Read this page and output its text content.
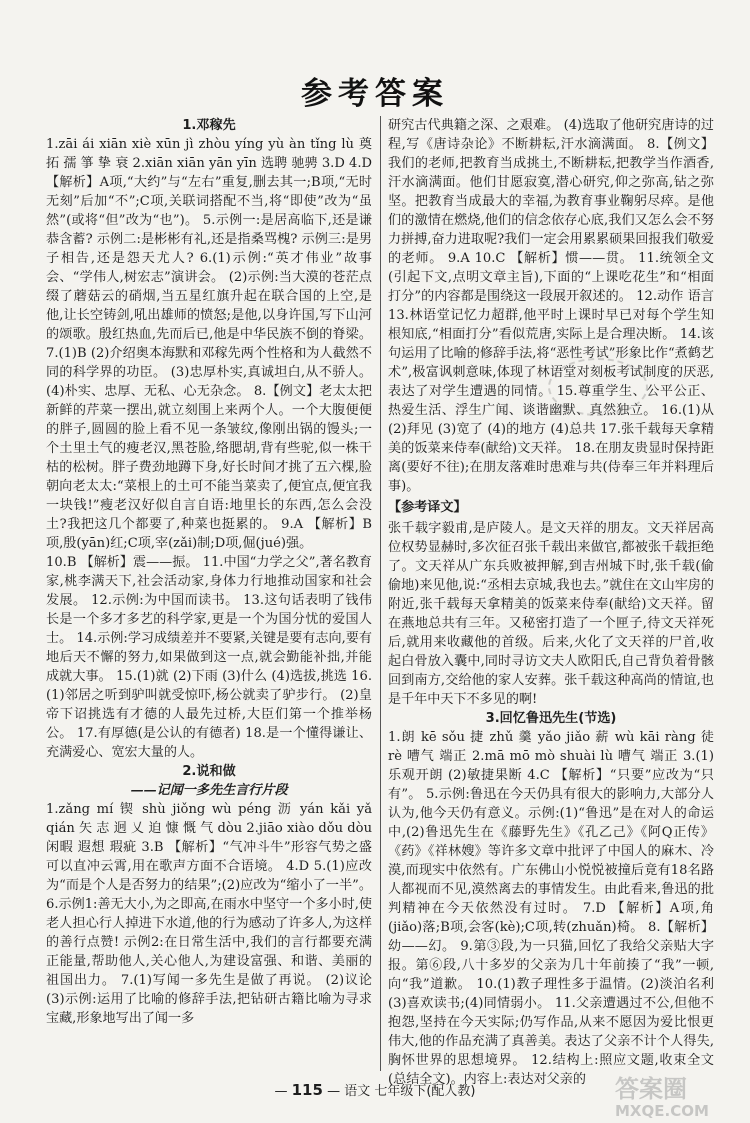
参考答案

1.邓稼先

1.zāi ái xiān xiè xūn jì zhòu yíng yù àn tǐng lù 奠 拓 孺 箏 挚 衰 2.xiān xiān yān yīn 选聘 驰骋 3.D 4.D 【解析】A项,“大约”与“左右”重复,删去其一;B项,“无时无刻”后加“不”;C项,关联词搭配不当,将“即使”改为“虽然”(或将“但”改为“也”)。 5.示例一:是居高临下,还是谦恭含蓄? 示例二:是彬彬有礼,还是指桑骂槐? 示例三:是男子相告,还是怨天尤人? 6.(1)示例:“英才伟业”故事会、“学伟人,树宏志”演讲会。 (2)示例:当大漠的苍茫点缀了蘑菇云的硝烟,当五星红旗升起在联合国的上空,是他,让长空铸剑,吼出雄师的愤怒;是他,以身许国,写下山河的颂歌。殷红热血,先而后已,他是中华民族不倒的脊梁。 7.(1)B (2)介绍奥本海默和邓稼先两个性格和为人截然不同的科学界的功臣。 (3)忠厚朴实,真诚坦白,从不骄人。 (4)朴实、忠厚、无私、心无杂念。 8.【例文】老太太把新鲜的芹菜一摆出,就立刻围上来两个人。一个大腹便便的胖子,圆圆的脸上看不见一条皱纹,像刚出锅的馒头;一个土里土气的瘦老汉,黑苍脸,络腮胡,背有些驼,似一株干枯的松树。胖子费劲地蹲下身,好长时间才挑了五六棵,脸朝向老太太:“菜根上的土可不能当菜卖了,便宜点,便宜我一块钱!”瘦老汉好似自言自语:地里长的东西,怎么会没土?我把这几个都要了,种菜也挺累的。 9.A 【解析】B项,殷(yān)红;C项,宰(zǎi)制;D项,倔(jué)强。

10.B 【解析】震——振。 11.中国“力学之父”,著名教育家,桃李满天下,社会活动家,身体力行地推动国家和社会发展。 12.示例:为中国而读书。 13.这句话表明了钱伟长是一个多才多艺的科学家,更是一个为国分忧的爱国人士。 14.示例:学习成绩差并不要紧,关键是要有志向,要有地后天不懈的努力,如果做到这一点,就会勤能补拙,并能成就大事。 15.(1)就 (2)下雨 (3)什么 (4)选拔,挑选 16.(1)邻居之听到驴叫就受惊吓,杨公就卖了驴步行。 (2)皇帝下诏挑选有才德的人最先过桥,大臣们第一个推举杨公。 17.有厚德(是公认的有德者) 18.是一个懂得谦让、充满爱心、宽宏大量的人。

2.说和做

——记闻一多先生言行片段

1.zǎng mí 锲 shù jiǒng wù péng 沥 yán kǎi yǎ qián 矢 志 迥 乂 迫 慷 慨 气 dòu 2.jiāo xiào dǒu dòu 闲暇 遐想 瑕疵 3.B 【解析】“气冲斗牛”形容气势之盛可以直冲云霄,用在歌声方面不合语境。 4.D 5.(1)应改为“而是个人是否努力的结果”;(2)应改为“缩小了一半”。 6.示例1:善无大小,为之即高,在雨水中坚守一个多小时,使老人担心行人掉进下水道,他的行为感动了许多人,为这样的善行点赞! 示例2:在日常生活中,我们的言行都要充满正能量,帮助他人,关心他人,为建设富强、和谐、美丽的祖国出力。 7.(1)写闻一多先生是做了再说。 (2)议论 (3)示例:运用了比喻的修辞手法,把钻研古籍比喻为寻求宝藏,形象地写出了闻一多

研究古代典籍之深、之艰难。 (4)选取了他研究唐诗的过程,写《唐诗杂论》不断耕耘,汗水滴满面。 8.【例文】我们的老师,把教育当成挑土,不断耕耘,把教学当作酒香,汗水滴满面。他们甘愿寂寞,潜心研究,仰之弥高,钻之弥坚。把教育当成最大的幸福,为教育事业鞠躬尽瘁。是他们的激情在燃烧,他们的信念依存心底,我们又怎么会不努力拼搏,奋力进取呢?我们一定会用累累硕果回报我们敬爱的老师。 9.A 10.C 【解析】惯——贯。 11.统领全文(引起下文,点明文章主旨),下面的“上课吃花生”和“相面打分”的内容都是围绕这一段展开叙述的。 12.动作 语言 13.林语堂记忆力超群,他平时上课时早已对每个学生知根知底,“相面打分”看似荒唐,实际上是合理决断。 14.该句运用了比喻的修辞手法,将“恶性考试”形象比作“煮鹤艺术”,极富讽刺意味,体现了林语堂对刻板考试制度的厌恶,表达了对学生遭遇的同情。 15.尊重学生、公平公正、热爱生活、浮生广闻、谈谐幽默、真然独立。 16.(1)从 (2)拜见 (3)宽了 (4)的地方 (4)总共 17.张千载每天拿精美的饭菜来侍奉(献给)文天祥。 18.在朋友贵显时保持距离(要好不往);在朋友落难时患难与共(侍奉三年并料理后事)。

【参考译文】

张千载字毅甫,是庐陵人。是文天祥的朋友。文天祥居高位权势显赫时,多次征召张千载出来做官,都被张千载拒绝了。文天祥从广东兵败被押解,到吉州城下时,张千载(偷偷地)来见他,说:“丞相去京城,我也去。”就住在文山牢房的附近,张千载每天拿精美的饭菜来侍奉(献给)文天祥。留在燕地总共有三年。又秘密打造了一个匣子,待文天祥死后,就用来收藏他的首级。后来,火化了文天祥的尸首,收起白骨放入囊中,同时寻访文夫人欧阳氏,自己背负着骨骸回到南方,交给他的家人安葬。张千载这种高尚的情谊,也是千年中天下不多见的啊!

3.回忆鲁迅先生(节选)

1.朗 kē sǒu 捷 zhǔ 羹 yǎo jiǎo 薪 wù kāi ràng 徒 rè 嘈气 端正 2.mā mō mò shuài lù 嘈气 端正 3.(1)乐观开朗 (2)敏捷果断 4.C 【解析】“只要”应改为“只有”。 5.示例:鲁迅在今天仍具有很大的影响力,大部分人认为,他今天仍有意义。示例:(1)“鲁迅”是在对人的命运中,(2)鲁迅先生在《藤野先生》《孔乙己》《阿Q正传》《药》《祥林嫂》等许多文章中批评了中国人的麻木、冷漠,而现实中依然有。广东佛山小悦悦被撞后竟有18名路人都视而不见,漠然离去的事情发生。由此看来,鲁迅的批判精神在今天依然没有过时。 7.D 【解析】A项,角(jiǎo)落;B项,会客(kè);C项,转(zhuǎn)椅。 8.【解析】幼——幻。 9.第③段,为一只猫,回忆了我给父亲贴大字报。第⑥段,八十多岁的父亲为几十年前揍了“我”一顿,向“我”道歉。 10.(1)教子理性多于温情。(2)淡泊名利 (3)喜欢读书;(4)同情弱小。 11.父亲遭遇过不公,但他不抱怨,坚持在今天实际;仍写作品,从来不愿因为爱比恨更伟大,他的作品充满了真善美。表达了父亲不计个人得失,胸怀世界的思想境界。 12.结构上:照应文题,收束全文(总结全文)。内容上:表达对父亲的

— 115 — 语文 七年级下(配人教)	答案圈
MXQE.COM
